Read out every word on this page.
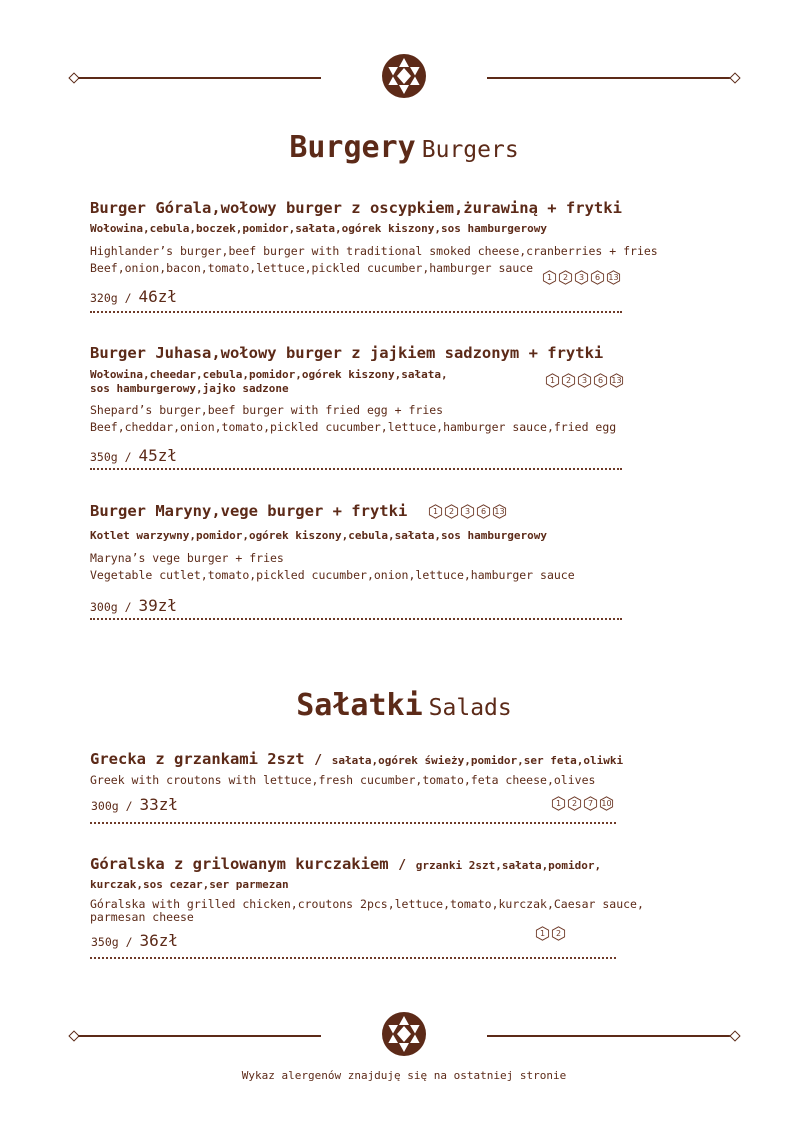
Burgery Burgers
Burger Górala,wołowy burger z oscypkiem,żurawiną + frytki
Wołowina,cebula,boczek,pomidor,sałata,ogórek kiszony,sos hamburgerowy
Highlander’s burger,beef burger with traditional smoked cheese,cranberries + fries
Beef,onion,bacon,tomato,lettuce,pickled cucumber,hamburger sauce
1	2	3	6	13
320g / 46zł
Burger Juhasa,wołowy burger z jajkiem sadzonym + frytki
Wołowina,cheedar,cebula,pomidor,ogórek kiszony,sałata,
sos hamburgerowy,jajko sadzone
1	2	3	6	13
Shepard’s burger,beef burger with fried egg + fries
Beef,cheddar,onion,tomato,pickled cucumber,lettuce,hamburger sauce,fried egg
350g / 45zł
Burger Maryny,vege burger + frytki	1	2	3	6	13
Kotlet warzywny,pomidor,ogórek kiszony,cebula,sałata,sos hamburgerowy
Maryna’s vege burger + fries
Vegetable cutlet,tomato,pickled cucumber,onion,lettuce,hamburger sauce
300g / 39zł
Sałatki Salads
Grecka z grzankami 2szt / sałata,ogórek świeży,pomidor,ser feta,oliwki
Greek with croutons with lettuce,fresh cucumber,tomato,feta cheese,olives
1	2	7	10
300g / 33zł
Góralska z grilowanym kurczakiem / grzanki 2szt,sałata,pomidor,
kurczak,sos cezar,ser parmezan
Góralska with grilled chicken,croutons 2pcs,lettuce,tomato,kurczak,Caesar sauce,
parmesan cheese
1	2
350g / 36zł
Wykaz alergenów znajduję się na ostatniej stronie
